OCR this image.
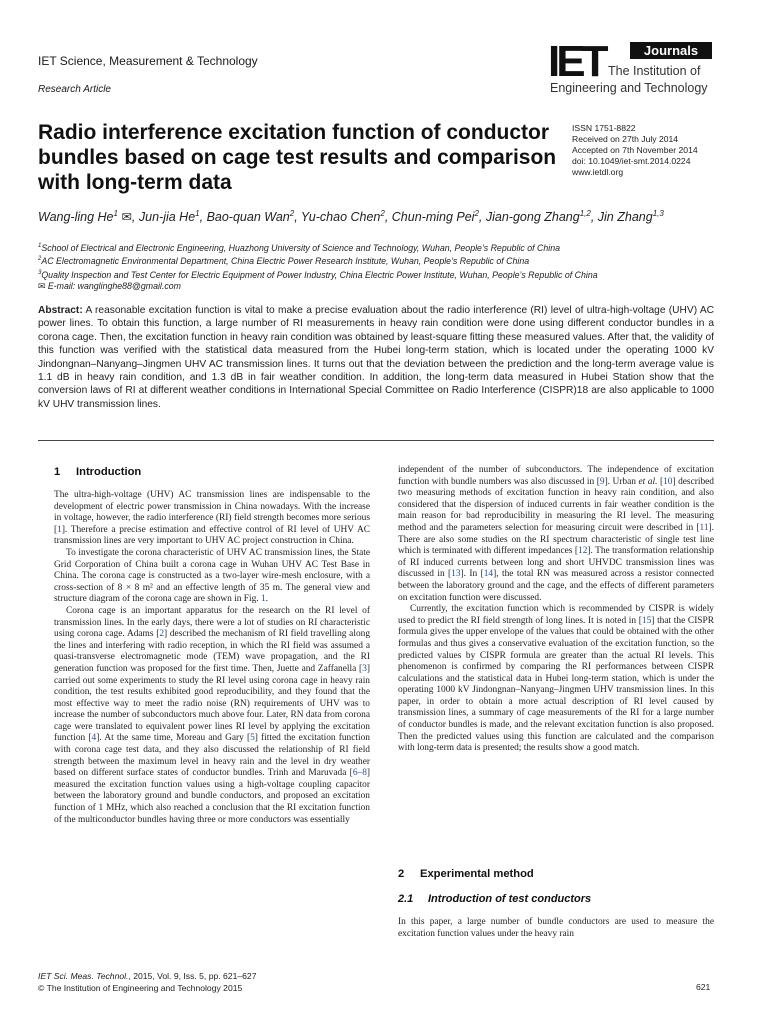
IET Science, Measurement & Technology
Research Article
IET	Journals
The Institution of
Engineering and Technology
Radio interference excitation function of conductor bundles based on cage test results and comparison with long-term data
ISSN 1751-8822
Received on 27th July 2014
Accepted on 7th November 2014
doi: 10.1049/iet-smt.2014.0224
www.ietdl.org
Wang-ling He$^1$ ✉, Jun-jia He$^1$, Bao-quan Wan$^2$, Yu-chao Chen$^2$, Chun-ming Pei$^2$, Jian-gong Zhang$^{1,2}$, Jin Zhang$^{1,3}$
$^1$School of Electrical and Electronic Engineering, Huazhong University of Science and Technology, Wuhan, People’s Republic of China
$^2$AC Electromagnetic Environmental Department, China Electric Power Research Institute, Wuhan, People’s Republic of China
$^3$Quality Inspection and Test Center for Electric Equipment of Power Industry, China Electric Power Institute, Wuhan, People’s Republic of China
✉ E-mail: wanglinghe88@gmail.com

Abstract: A reasonable excitation function is vital to make a precise evaluation about the radio interference (RI) level of ultra-high-voltage (UHV) AC power lines. To obtain this function, a large number of RI measurements in heavy rain condition were done using different conductor bundles in a corona cage. Then, the excitation function in heavy rain condition was obtained by least-square fitting these measured values. After that, the validity of this function was verified with the statistical data measured from the Hubei long-term station, which is located under the operating 1000 kV Jindongnan–Nanyang–Jingmen UHV AC transmission lines. It turns out that the deviation between the prediction and the long-term average value is 1.1 dB in heavy rain condition, and 1.3 dB in fair weather condition. In addition, the long-term data measured in Hubei Station show that the conversion laws of RI at different weather conditions in International Special Committee on Radio Interference (CISPR)18 are also applicable to 1000 kV UHV transmission lines.

1 Introduction

The ultra-high-voltage (UHV) AC transmission lines are indispensable to the development of electric power transmission in China nowadays. With the increase in voltage, however, the radio interference (RI) field strength becomes more serious [1]. Therefore a precise estimation and effective control of RI level of UHV AC transmission lines are very important to UHV AC project construction in China.

To investigate the corona characteristic of UHV AC transmission lines, the State Grid Corporation of China built a corona cage in Wuhan UHV AC Test Base in China. The corona cage is constructed as a two-layer wire-mesh enclosure, with a cross-section of 8 × 8 m² and an effective length of 35 m. The general view and structure diagram of the corona cage are shown in Fig. 1.

Corona cage is an important apparatus for the research on the RI level of transmission lines. In the early days, there were a lot of studies on RI characteristic using corona cage. Adams [2] described the mechanism of RI field travelling along the lines and interfering with radio reception, in which the RI field was assumed a quasi-transverse electromagnetic mode (TEM) wave propagation, and the RI generation function was proposed for the first time. Then, Juette and Zaffanella [3] carried out some experiments to study the RI level using corona cage in heavy rain condition, the test results exhibited good reproducibility, and they found that the most effective way to meet the radio noise (RN) requirements of UHV was to increase the number of subconductors much above four. Later, RN data from corona cage were translated to equivalent power lines RI level by applying the excitation function [4]. At the same time, Moreau and Gary [5] fitted the excitation function with corona cage test data, and they also discussed the relationship of RI field strength between the maximum level in heavy rain and the level in dry weather based on different surface states of conductor bundles. Trinh and Maruvada [6–8] measured the excitation function values using a high-voltage coupling capacitor between the laboratory ground and bundle conductors, and proposed an excitation function of 1 MHz, which also reached a conclusion that the RI excitation function of the multiconductor bundles having three or more conductors was essentially

independent of the number of subconductors. The independence of excitation function with bundle numbers was also discussed in [9]. Urban et al. [10] described two measuring methods of excitation function in heavy rain condition, and also considered that the dispersion of induced currents in fair weather condition is the main reason for bad reproducibility in measuring the RI level. The measuring method and the parameters selection for measuring circuit were described in [11]. There are also some studies on the RI spectrum characteristic of single test line which is terminated with different impedances [12]. The transformation relationship of RI induced currents between long and short UHVDC transmission lines was discussed in [13]. In [14], the total RN was measured across a resistor connected between the laboratory ground and the cage, and the effects of different parameters on excitation function were discussed.

Currently, the excitation function which is recommended by CISPR is widely used to predict the RI field strength of long lines. It is noted in [15] that the CISPR formula gives the upper envelope of the values that could be obtained with the other formulas and thus gives a conservative evaluation of the excitation function, so the predicted values by CISPR formula are greater than the actual RI levels. This phenomenon is confirmed by comparing the RI performances between CISPR calculations and the statistical data in Hubei long-term station, which is under the operating 1000 kV Jindongnan–Nanyang–Jingmen UHV transmission lines. In this paper, in order to obtain a more actual description of RI level caused by transmission lines, a summary of cage measurements of the RI for a large number of conductor bundles is made, and the relevant excitation function is also proposed. Then the predicted values using this function are calculated and the comparison with long-term data is presented; the results show a good match.

2 Experimental method
2.1 Introduction of test conductors

In this paper, a large number of bundle conductors are used to measure the excitation function values under the heavy rain

IET Sci. Meas. Technol., 2015, Vol. 9, Iss. 5, pp. 621–627
© The Institution of Engineering and Technology 2015	621
